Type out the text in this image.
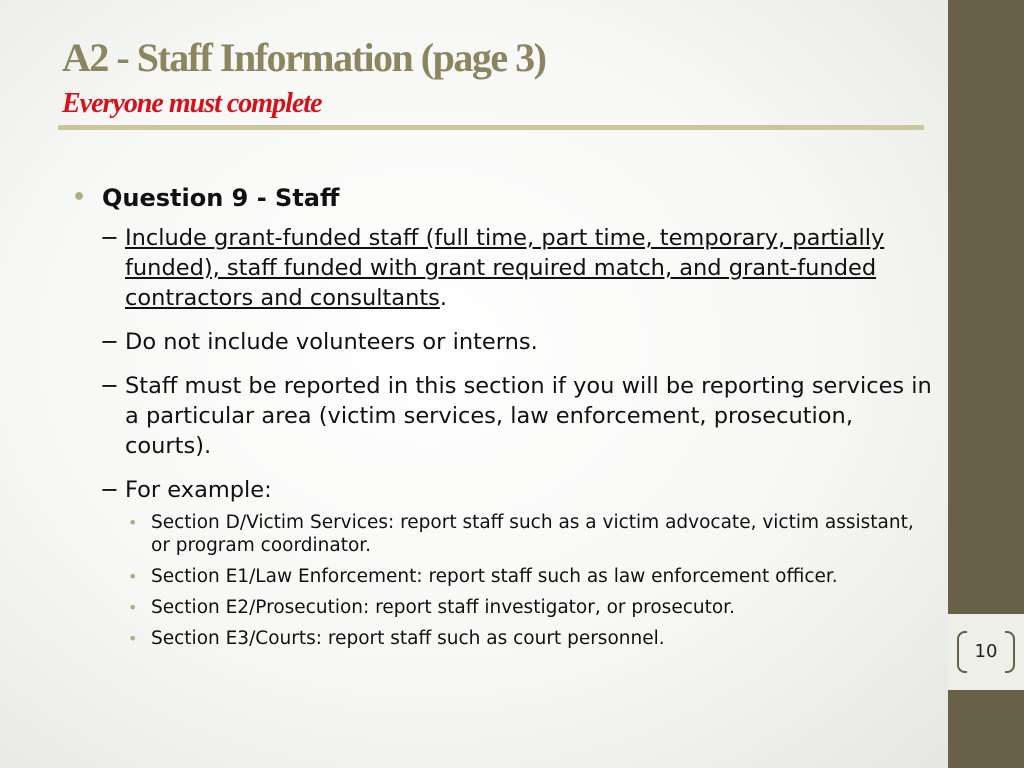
A2 - Staff Information (page 3)
Everyone must complete
• Question 9 - Staff
− Include grant-funded staff (full time, part time, temporary, partially funded), staff funded with grant required match, and grant-funded contractors and consultants.
− Do not include volunteers or interns.
− Staff must be reported in this section if you will be reporting services in a particular area (victim services, law enforcement, prosecution, courts).
− For example:
• Section D/Victim Services: report staff such as a victim advocate, victim assistant, or program coordinator.
• Section E1/Law Enforcement: report staff such as law enforcement officer.
• Section E2/Prosecution: report staff investigator, or prosecutor.
• Section E3/Courts: report staff such as court personnel.
10
